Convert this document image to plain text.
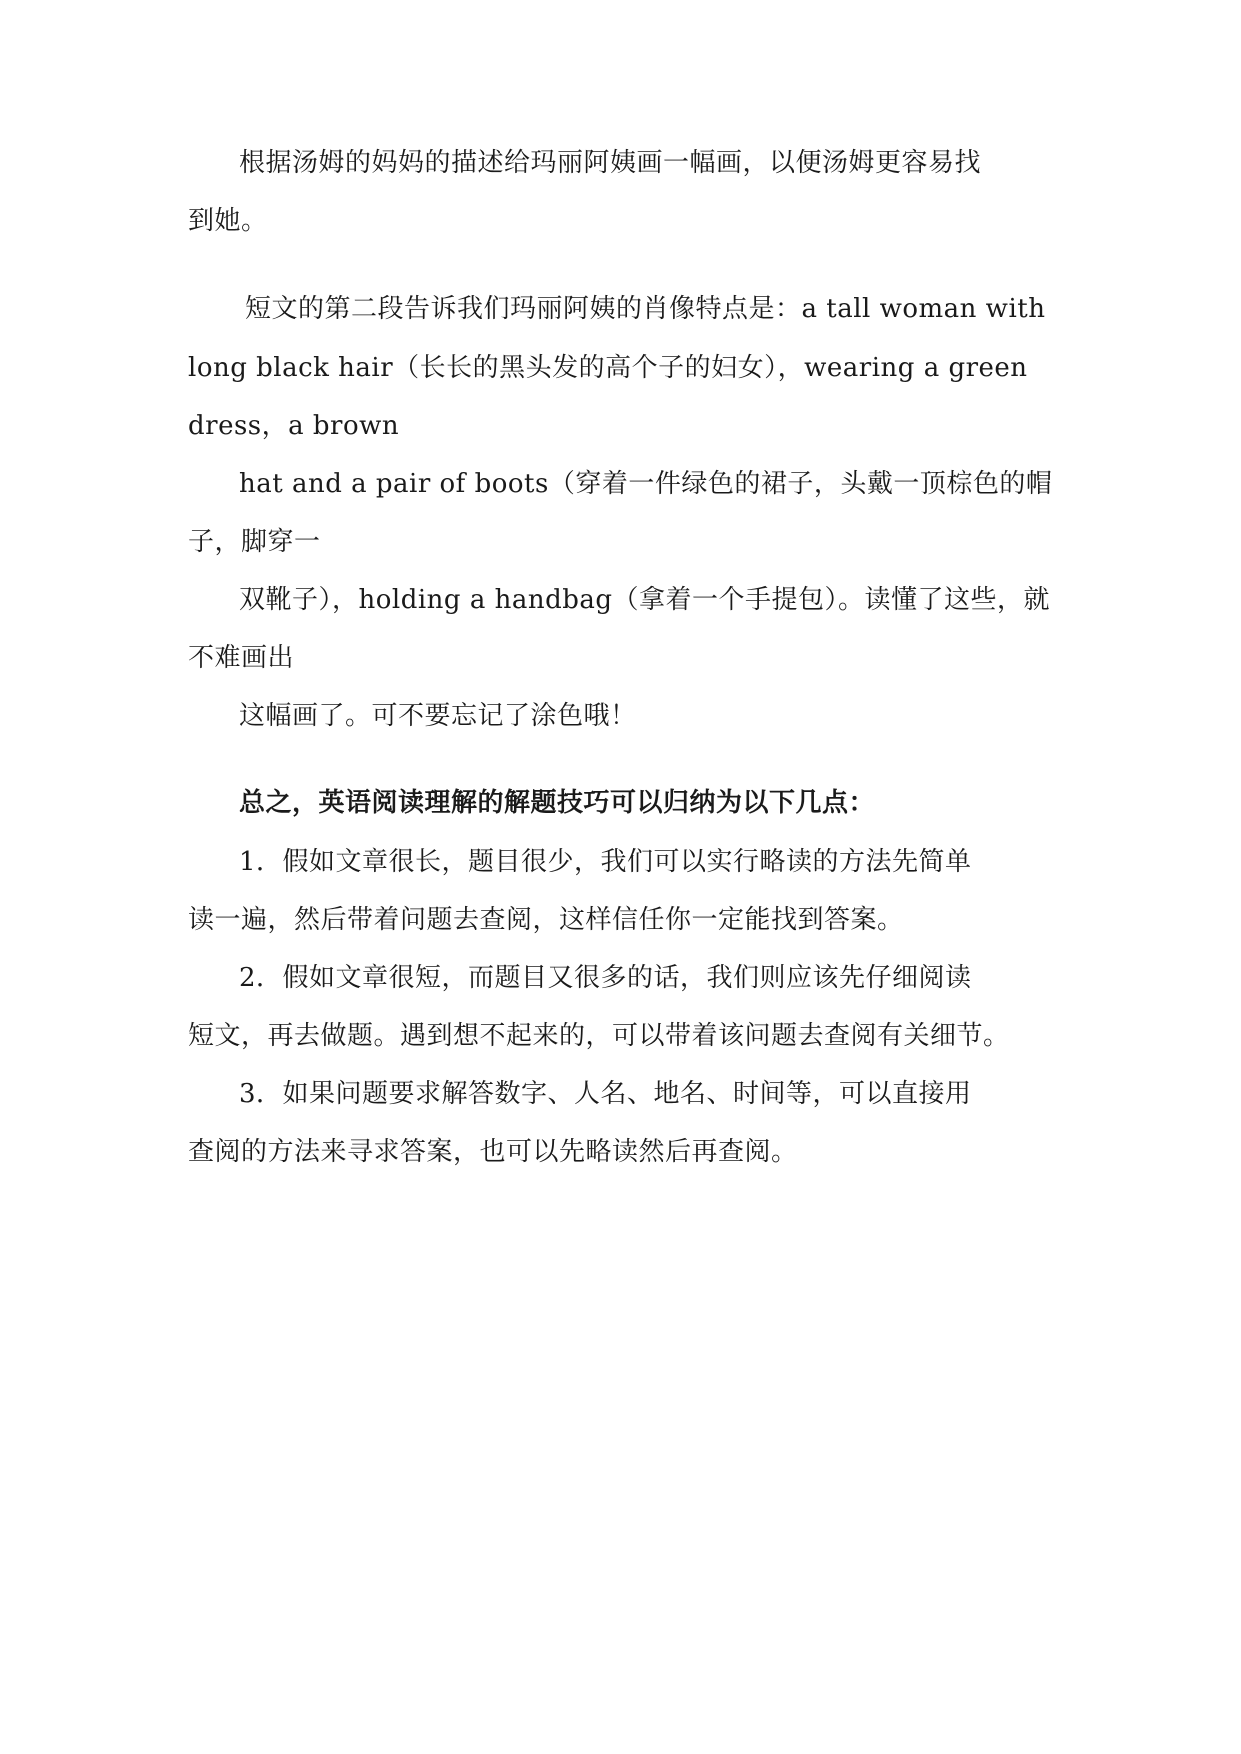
根据汤姆的妈妈的描述给玛丽阿姨画一幅画，以便汤姆更容易找
到她。
短文的第二段告诉我们玛丽阿姨的肖像特点是：a tall woman with
long black hair（长长的黑头发的高个子的妇女），wearing a green
dress，a brown
hat and a pair of boots（穿着一件绿色的裙子，头戴一顶棕色的帽
子，脚穿一
双靴子），holding a handbag（拿着一个手提包）。读懂了这些，就
不难画出
这幅画了。可不要忘记了涂色哦！
总之，英语阅读理解的解题技巧可以归纳为以下几点：
1．假如文章很长，题目很少，我们可以实行略读的方法先简单
读一遍，然后带着问题去查阅，这样信任你一定能找到答案。
2．假如文章很短，而题目又很多的话，我们则应该先仔细阅读
短文，再去做题。遇到想不起来的，可以带着该问题去查阅有关细节。
3．如果问题要求解答数字、人名、地名、时间等，可以直接用
查阅的方法来寻求答案，也可以先略读然后再查阅。
